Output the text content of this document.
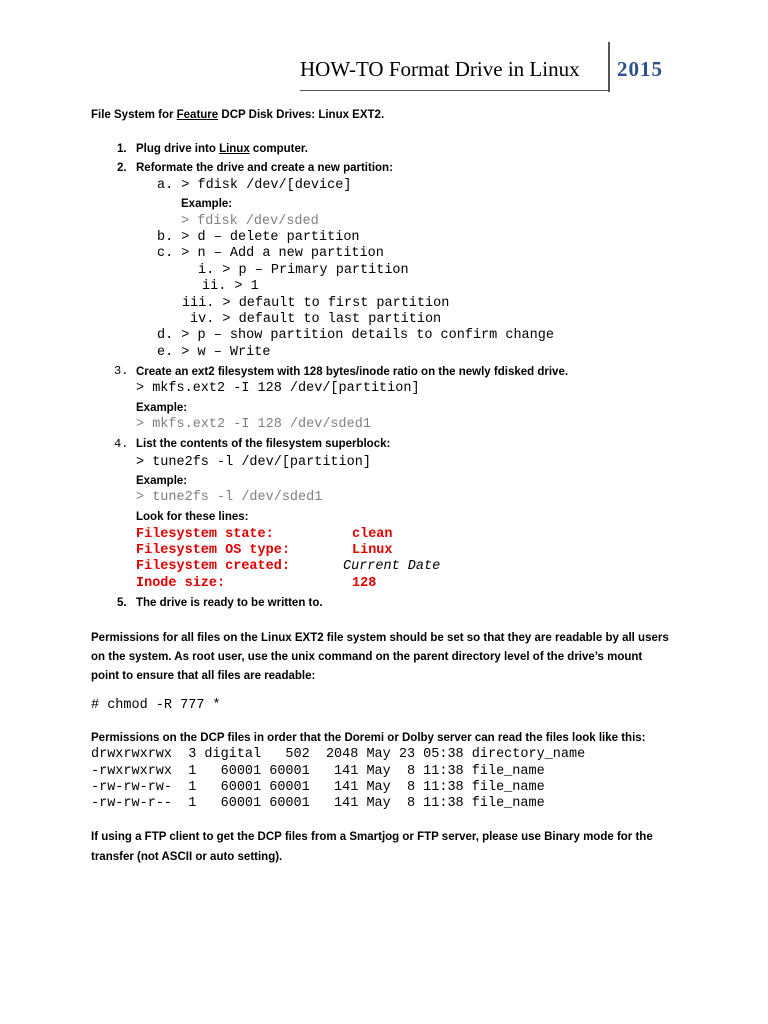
HOW-TO Format Drive in Linux 2015
File System for Feature DCP Disk Drives: Linux EXT2.
1. Plug drive into Linux computer.
2. Reformate the drive and create a new partition:
a. > fdisk /dev/[device]
Example:
> fdisk /dev/sded
b. > d – delete partition
c. > n – Add a new partition
i. > p – Primary partition
ii. > 1
iii. > default to first partition
iv. > default to last partition
d. > p – show partition details to confirm change
e. > w – Write
3. Create an ext2 filesystem with 128 bytes/inode ratio on the newly fdisked drive.
> mkfs.ext2 -I 128 /dev/[partition]
Example:
> mkfs.ext2 -I 128 /dev/sded1
4. List the contents of the filesystem superblock:
> tune2fs -l /dev/[partition]
Example:
> tune2fs -l /dev/sded1
Look for these lines:
Filesystem state:	clean
Filesystem OS type:	Linux
Filesystem created:	Current Date
Inode size:	128
5. The drive is ready to be written to.
Permissions for all files on the Linux EXT2 file system should be set so that they are readable by all users
on the system. As root user, use the unix command on the parent directory level of the drive’s mount
point to ensure that all files are readable:
# chmod -R 777 *
Permissions on the DCP files in order that the Doremi or Dolby server can read the files look like this:
drwxrwxrwx  3 digital   502  2048 May 23 05:38 directory_name
-rwxrwxrwx  1   60001 60001   141 May  8 11:38 file_name
-rw-rw-rw-  1   60001 60001   141 May  8 11:38 file_name
-rw-rw-r--  1   60001 60001   141 May  8 11:38 file_name
If using a FTP client to get the DCP files from a Smartjog or FTP server, please use Binary mode for the
transfer (not ASCII or auto setting).
